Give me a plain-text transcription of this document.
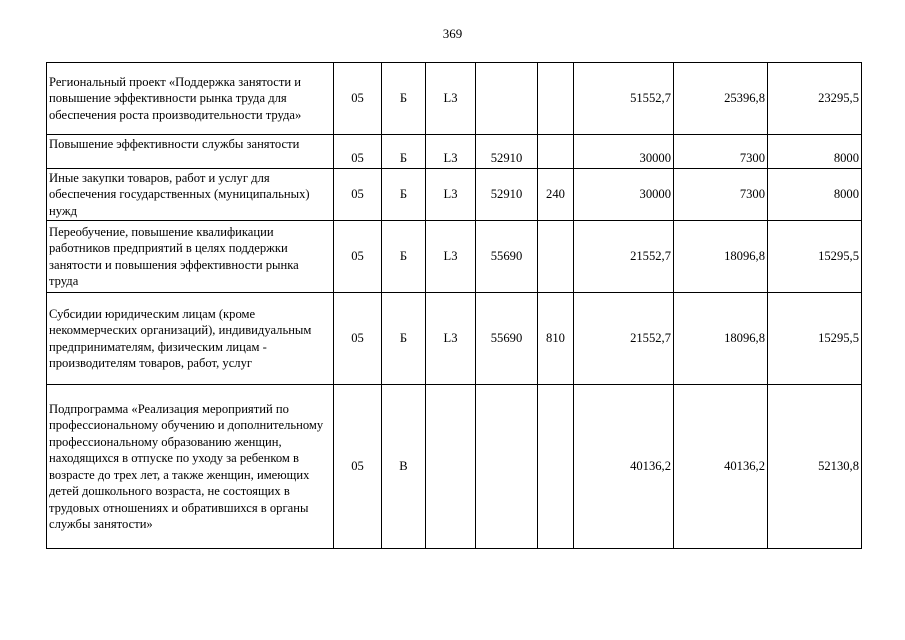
369
Региональный проект «Поддержка занятости и повышение эффективности рынка труда для обеспечения роста производительности труда»	05	Б	L3			51552,7	25396,8	23295,5
Повышение эффективности службы занятости	05	Б	L3	52910		30000	7300	8000
Иные закупки товаров, работ и услуг для обеспечения государственных (муниципальных) нужд	05	Б	L3	52910	240	30000	7300	8000
Переобучение, повышение квалификации работников предприятий в целях поддержки занятости и повышения эффективности рынка труда	05	Б	L3	55690		21552,7	18096,8	15295,5
Субсидии юридическим лицам (кроме некоммерческих организаций), индивидуальным предпринимателям, физическим лицам - производителям товаров, работ, услуг	05	Б	L3	55690	810	21552,7	18096,8	15295,5
Подпрограмма «Реализация мероприятий по профессиональному обучению и дополнительному профессиональному образованию женщин, находящихся в отпуске по уходу за ребенком в возрасте до трех лет, а также женщин, имеющих детей дошкольного возраста, не состоящих в трудовых отношениях и обратившихся в органы службы занятости»	05	В				40136,2	40136,2	52130,8
